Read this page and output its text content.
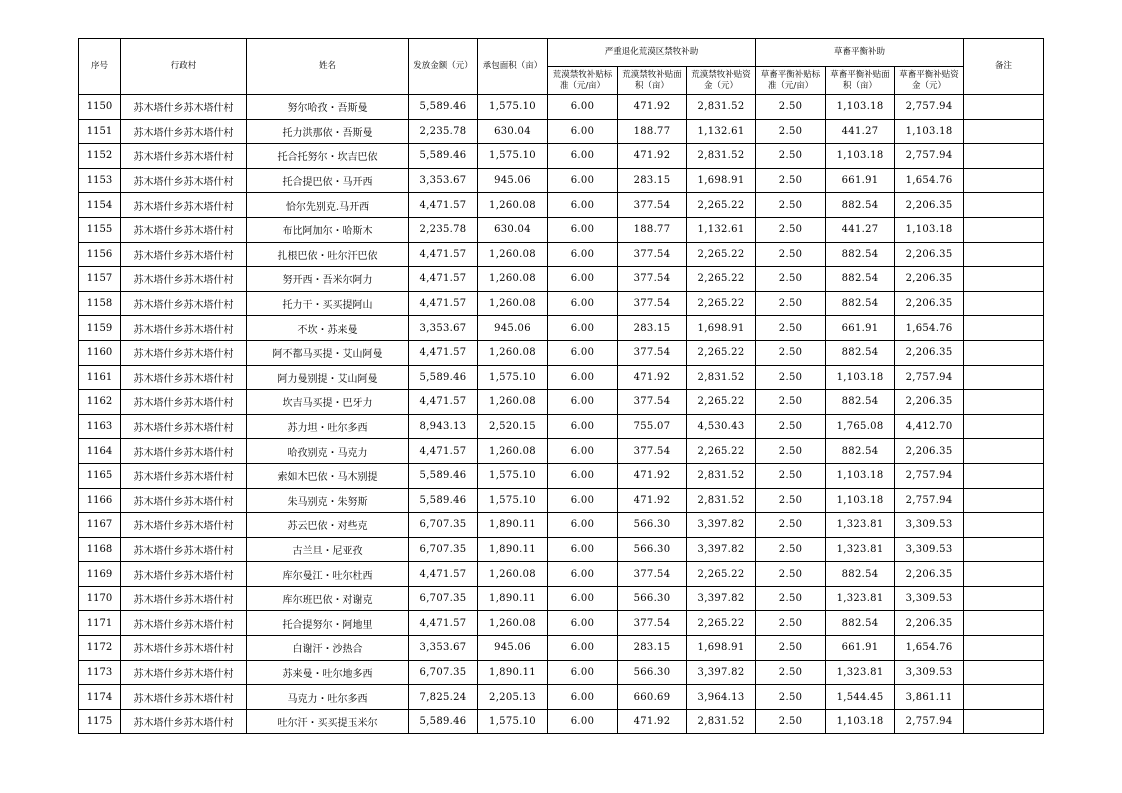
序号	行政村	姓名	发放金额（元）	承包面积（亩）	严重退化荒漠区禁牧补助			草畜平衡补助			备注
					荒漠禁牧补贴标准（元/亩）	荒漠禁牧补贴面积（亩）	荒漠禁牧补贴资金（元）	草畜平衡补贴标准（元/亩）	草畜平衡补贴面积（亩）	草畜平衡补贴资金（元）	
1150	苏木塔什乡苏木塔什村	努尔哈孜・吾斯曼	5,589.46	1,575.10	6.00	471.92	2,831.52	2.50	1,103.18	2,757.94	
1151	苏木塔什乡苏木塔什村	托力洪那依・吾斯曼	2,235.78	630.04	6.00	188.77	1,132.61	2.50	441.27	1,103.18	
1152	苏木塔什乡苏木塔什村	托合托努尔・坎吉巴依	5,589.46	1,575.10	6.00	471.92	2,831.52	2.50	1,103.18	2,757.94	
1153	苏木塔什乡苏木塔什村	托合提巴依・马开西	3,353.67	945.06	6.00	283.15	1,698.91	2.50	661.91	1,654.76	
1154	苏木塔什乡苏木塔什村	恰尔先别克.马开西	4,471.57	1,260.08	6.00	377.54	2,265.22	2.50	882.54	2,206.35	
1155	苏木塔什乡苏木塔什村	布比阿加尔・哈斯木	2,235.78	630.04	6.00	188.77	1,132.61	2.50	441.27	1,103.18	
1156	苏木塔什乡苏木塔什村	扎根巴依・吐尔汗巴依	4,471.57	1,260.08	6.00	377.54	2,265.22	2.50	882.54	2,206.35	
1157	苏木塔什乡苏木塔什村	努开西・吾米尔阿力	4,471.57	1,260.08	6.00	377.54	2,265.22	2.50	882.54	2,206.35	
1158	苏木塔什乡苏木塔什村	托力干・买买提阿山	4,471.57	1,260.08	6.00	377.54	2,265.22	2.50	882.54	2,206.35	
1159	苏木塔什乡苏木塔什村	不坎・苏来曼	3,353.67	945.06	6.00	283.15	1,698.91	2.50	661.91	1,654.76	
1160	苏木塔什乡苏木塔什村	阿不都马买提・艾山阿曼	4,471.57	1,260.08	6.00	377.54	2,265.22	2.50	882.54	2,206.35	
1161	苏木塔什乡苏木塔什村	阿力曼别提・艾山阿曼	5,589.46	1,575.10	6.00	471.92	2,831.52	2.50	1,103.18	2,757.94	
1162	苏木塔什乡苏木塔什村	坎吉马买提・巴牙力	4,471.57	1,260.08	6.00	377.54	2,265.22	2.50	882.54	2,206.35	
1163	苏木塔什乡苏木塔什村	苏力坦・吐尔多西	8,943.13	2,520.15	6.00	755.07	4,530.43	2.50	1,765.08	4,412.70	
1164	苏木塔什乡苏木塔什村	哈孜别克・马克力	4,471.57	1,260.08	6.00	377.54	2,265.22	2.50	882.54	2,206.35	
1165	苏木塔什乡苏木塔什村	索如木巴依・马木别提	5,589.46	1,575.10	6.00	471.92	2,831.52	2.50	1,103.18	2,757.94	
1166	苏木塔什乡苏木塔什村	朱马别克・朱努斯	5,589.46	1,575.10	6.00	471.92	2,831.52	2.50	1,103.18	2,757.94	
1167	苏木塔什乡苏木塔什村	苏云巴依・对些克	6,707.35	1,890.11	6.00	566.30	3,397.82	2.50	1,323.81	3,309.53	
1168	苏木塔什乡苏木塔什村	古兰旦・尼亚孜	6,707.35	1,890.11	6.00	566.30	3,397.82	2.50	1,323.81	3,309.53	
1169	苏木塔什乡苏木塔什村	库尔曼江・吐尔杜西	4,471.57	1,260.08	6.00	377.54	2,265.22	2.50	882.54	2,206.35	
1170	苏木塔什乡苏木塔什村	库尔班巴依・对谢克	6,707.35	1,890.11	6.00	566.30	3,397.82	2.50	1,323.81	3,309.53	
1171	苏木塔什乡苏木塔什村	托合提努尔・阿地里	4,471.57	1,260.08	6.00	377.54	2,265.22	2.50	882.54	2,206.35	
1172	苏木塔什乡苏木塔什村	白谢汗・沙热合	3,353.67	945.06	6.00	283.15	1,698.91	2.50	661.91	1,654.76	
1173	苏木塔什乡苏木塔什村	苏来曼・吐尔地多西	6,707.35	1,890.11	6.00	566.30	3,397.82	2.50	1,323.81	3,309.53	
1174	苏木塔什乡苏木塔什村	马克力・吐尔多西	7,825.24	2,205.13	6.00	660.69	3,964.13	2.50	1,544.45	3,861.11	
1175	苏木塔什乡苏木塔什村	吐尔汗・买买提玉米尔	5,589.46	1,575.10	6.00	471.92	2,831.52	2.50	1,103.18	2,757.94	
